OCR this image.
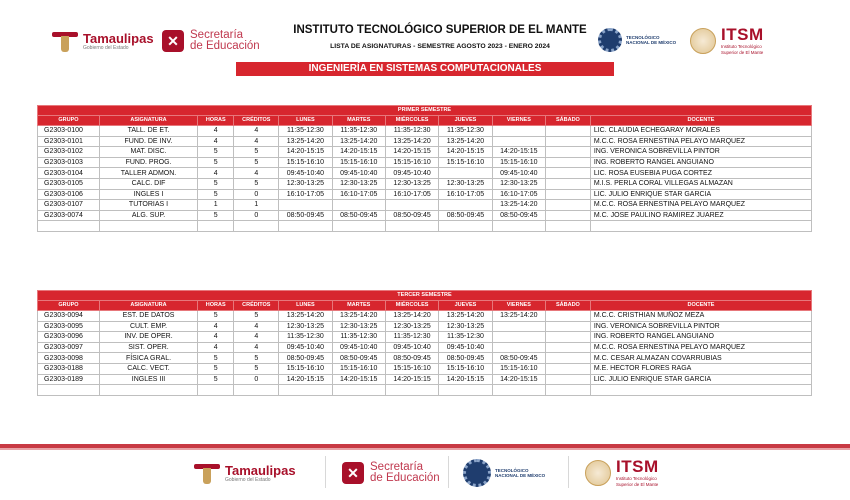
Tamaulipas
Gobierno del Estado	✕ Secretaría
de Educación
INSTITUTO TECNOLÓGICO SUPERIOR DE EL MANTE
LISTA DE ASIGNATURAS - SEMESTRE AGOSTO 2023 - ENERO 2024
TECNOLÓGICO
NACIONAL DE MÉXICO	ITSM
Instituto Tecnológico
Superior de El Mante
INGENIERÍA EN SISTEMAS COMPUTACIONALES
PRIMER SEMESTRE										
GRUPO	ASIGNATURA	HORAS	CRÉDITOS	LUNES	MARTES	MIÉRCOLES	JUEVES	VIERNES	SÁBADO	DOCENTE
G2303-0100	TALL. DE ET.	4	4	11:35-12:30	11:35-12:30	11:35-12:30	11:35-12:30			LIC. CLAUDIA ECHEGARAY MORALES
G2303-0101	FUND. DE INV.	4	4	13:25-14:20	13:25-14:20	13:25-14:20	13:25-14:20			M.C.C. ROSA ERNESTINA PELAYO MARQUEZ
G2303-0102	MAT. DISC.	5	5	14:20-15:15	14:20-15:15	14:20-15:15	14:20-15:15	14:20-15:15		ING. VERONICA SOBREVILLA PINTOR
G2303-0103	FUND. PROG.	5	5	15:15-16:10	15:15-16:10	15:15-16:10	15:15-16:10	15:15-16:10		ING. ROBERTO RANGEL ANGUIANO
G2303-0104	TALLER ADMON.	4	4	09:45-10:40	09:45-10:40	09:45-10:40		09:45-10:40		LIC. ROSA EUSEBIA PUGA CORTEZ
G2303-0105	CALC. DIF	5	5	12:30-13:25	12:30-13:25	12:30-13:25	12:30-13:25	12:30-13:25		M.I.S. PERLA CORAL VILLEGAS ALMAZAN
G2303-0106	INGLES I	5	0	16:10-17:05	16:10-17:05	16:10-17:05	16:10-17:05	16:10-17:05		LIC. JULIO ENRIQUE STAR GARCIA
G2303-0107	TUTORIAS I	1	1					13:25-14:20		M.C.C. ROSA ERNESTINA PELAYO MARQUEZ
G2303-0074	ALG. SUP.	5	0	08:50-09:45	08:50-09:45	08:50-09:45	08:50-09:45	08:50-09:45		M.C. JOSE PAULINO RAMIREZ JUAREZ

TERCER SEMESTRE										
GRUPO	ASIGNATURA	HORAS	CRÉDITOS	LUNES	MARTES	MIÉRCOLES	JUEVES	VIERNES	SÁBADO	DOCENTE
G2303-0094	EST. DE DATOS	5	5	13:25-14:20	13:25-14:20	13:25-14:20	13:25-14:20	13:25-14:20		M.C.C. CRISTHIAN MUÑOZ MEZA
G2303-0095	CULT. EMP.	4	4	12:30-13:25	12:30-13:25	12:30-13:25	12:30-13:25			ING. VERONICA SOBREVILLA PINTOR
G2303-0096	INV. DE OPER.	4	4	11:35-12:30	11:35-12:30	11:35-12:30	11:35-12:30			ING. ROBERTO RANGEL ANGUIANO
G2303-0097	SIST. OPER.	4	4	09:45-10:40	09:45-10:40	09:45-10:40	09:45-10:40			M.C.C. ROSA ERNESTINA PELAYO MARQUEZ
G2303-0098	FÍSICA GRAL.	5	5	08:50-09:45	08:50-09:45	08:50-09:45	08:50-09:45	08:50-09:45		M.C. CESAR ALMAZAN COVARRUBIAS
G2303-0188	CALC. VECT.	5	5	15:15-16:10	15:15-16:10	15:15-16:10	15:15-16:10	15:15-16:10		M.E. HECTOR FLORES RAGA
G2303-0189	INGLES III	5	0	14:20-15:15	14:20-15:15	14:20-15:15	14:20-15:15	14:20-15:15		LIC. JULIO ENRIQUE STAR GARCIA

Tamaulipas
Gobierno del Estado	✕ Secretaría
de Educación
TECNOLÓGICO
NACIONAL DE MÉXICO	ITSM
Instituto Tecnológico
Superior de El Mante
